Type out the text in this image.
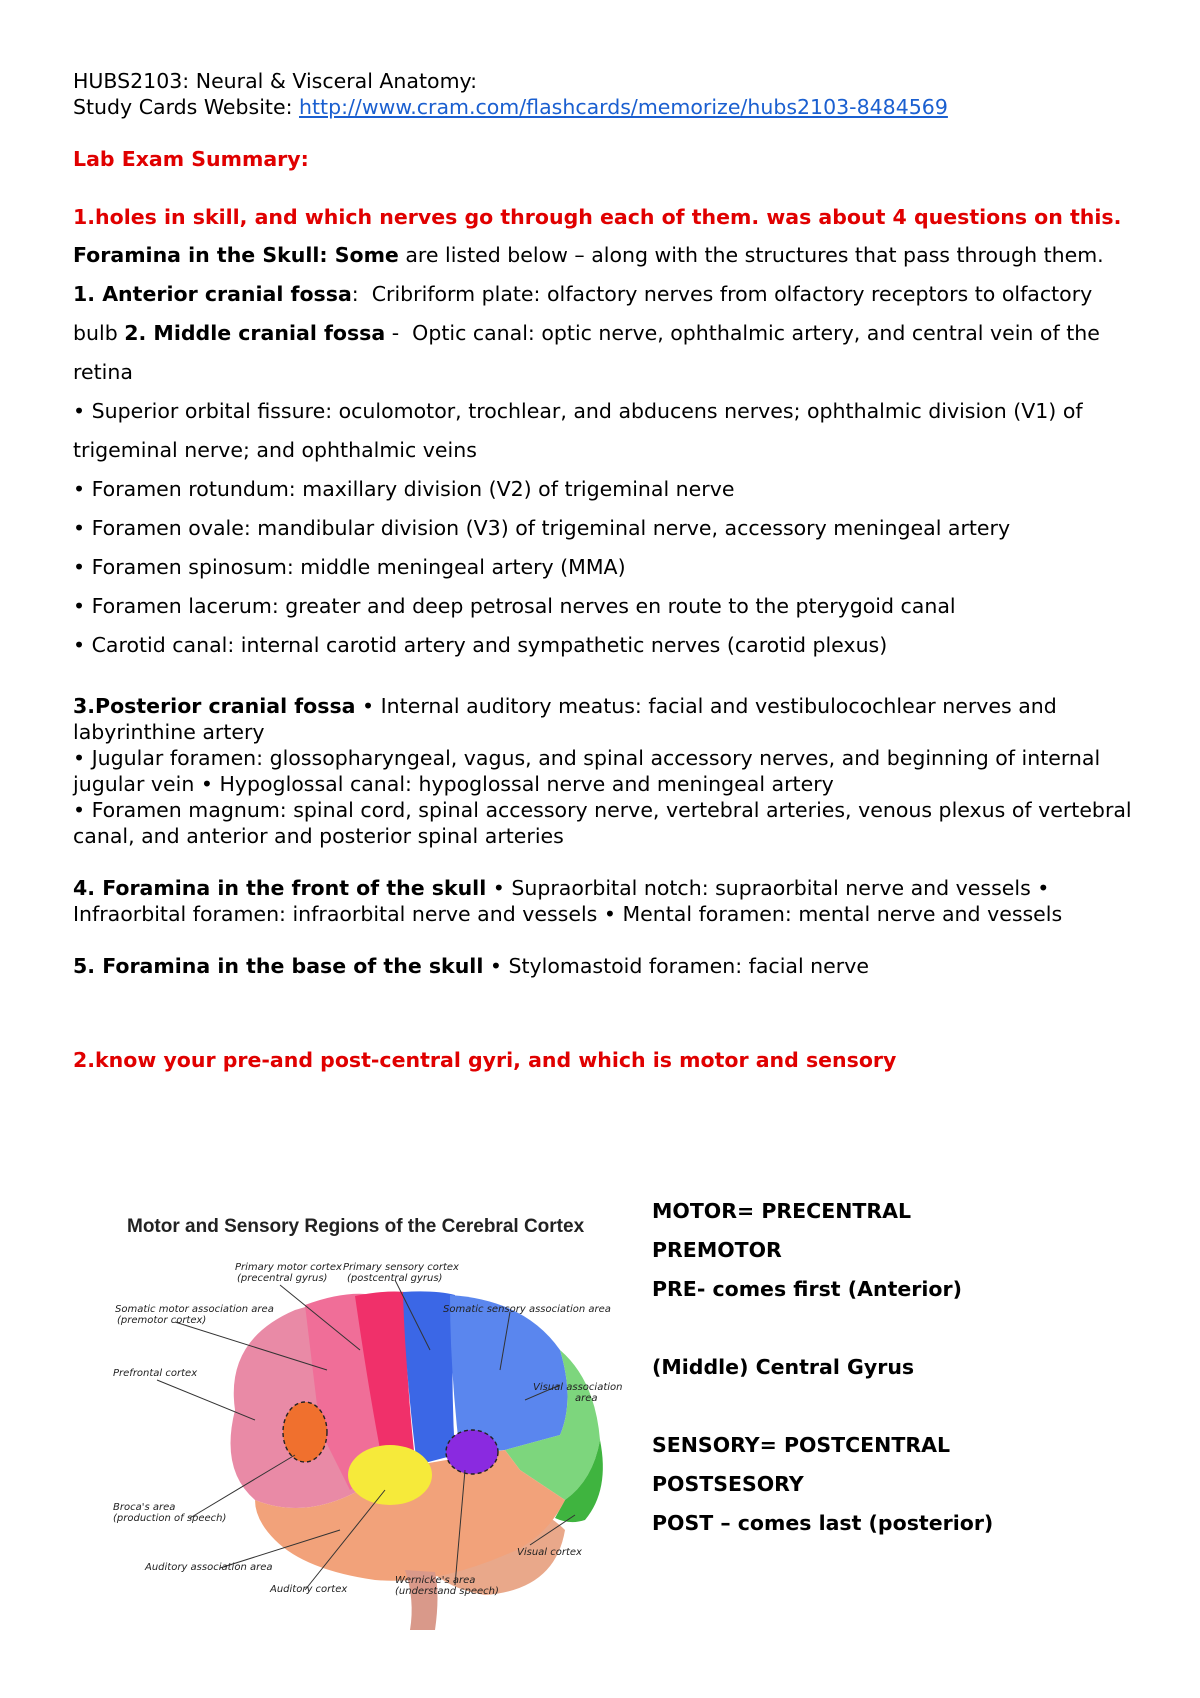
HUBS2103: Neural & Visceral Anatomy:

Study Cards Website: http://www.cram.com/flashcards/memorize/hubs2103-8484569

Lab Exam Summary:

1.holes in skill, and which nerves go through each of them. was about 4 questions on this.

Foramina in the Skull: Some are listed below – along with the structures that pass through them.

1. Anterior cranial fossa:  Cribriform plate: olfactory nerves from olfactory receptors to olfactory bulb 2. Middle cranial fossa -  Optic canal: optic nerve, ophthalmic artery, and central vein of the retina

• Superior orbital fissure: oculomotor, trochlear, and abducens nerves; ophthalmic division (V1) of trigeminal nerve; and ophthalmic veins

• Foramen rotundum: maxillary division (V2) of trigeminal nerve

• Foramen ovale: mandibular division (V3) of trigeminal nerve, accessory meningeal artery

• Foramen spinosum: middle meningeal artery (MMA)

• Foramen lacerum: greater and deep petrosal nerves en route to the pterygoid canal

• Carotid canal: internal carotid artery and sympathetic nerves (carotid plexus)

3.Posterior cranial fossa • Internal auditory meatus: facial and vestibulocochlear nerves and labyrinthine artery

• Jugular foramen: glossopharyngeal, vagus, and spinal accessory nerves, and beginning of internal jugular vein • Hypoglossal canal: hypoglossal nerve and meningeal artery

• Foramen magnum: spinal cord, spinal accessory nerve, vertebral arteries, venous plexus of vertebral canal, and anterior and posterior spinal arteries

4. Foramina in the front of the skull • Supraorbital notch: supraorbital nerve and vessels • Infraorbital foramen: infraorbital nerve and vessels • Mental foramen: mental nerve and vessels

5. Foramina in the base of the skull • Stylomastoid foramen: facial nerve

2.know your pre-and post-central gyri, and which is motor and sensory

Motor and Sensory Regions of the Cerebral Cortex
Primary motor cortex
(precentral gyrus)
Primary sensory cortex
(postcentral gyrus)
Somatic motor association area
(premotor cortex)
Somatic sensory association area
Prefrontal cortex
Visual association
area
Broca's area
(production of speech)
Auditory association area
Auditory cortex
Wernicke's area
(understand speech)
Visual cortex

MOTOR= PRECENTRAL

PREMOTOR

PRE- comes first (Anterior)

(Middle) Central Gyrus

SENSORY= POSTCENTRAL

POSTSESORY

POST – comes last (posterior)
